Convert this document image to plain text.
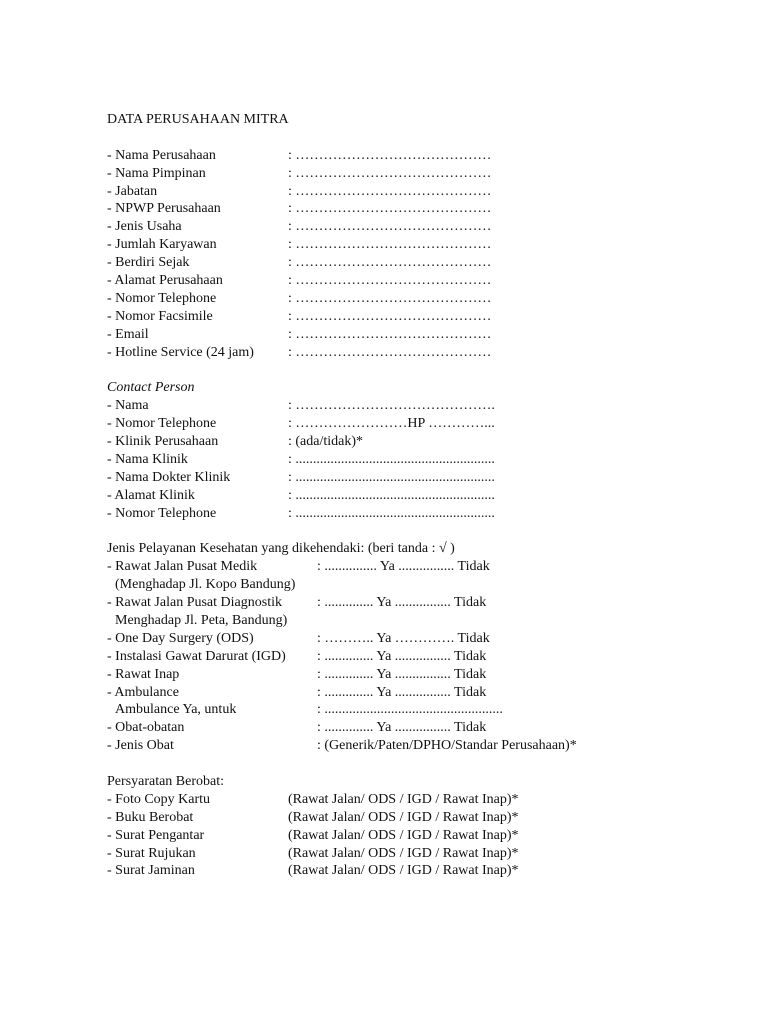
DATA PERUSAHAAN MITRA
- Nama Perusahaan	: ……………………………………
- Nama Pimpinan	: ……………………………………
- Jabatan	: ……………………………………
- NPWP Perusahaan	: ……………………………………
- Jenis Usaha	: ……………………………………
- Jumlah Karyawan	: ……………………………………
- Berdiri Sejak	: ……………………………………
- Alamat Perusahaan	: ……………………………………
- Nomor Telephone	: ……………………………………
- Nomor Facsimile	: ……………………………………
- Email	: ……………………………………
- Hotline Service (24 jam) : ……………………………………
Contact Person
- Nama	: …………………………………….
- Nomor Telephone	: ……………………HP …………...
- Klinik Perusahaan	: (ada/tidak)*
- Nama Klinik	: .........................................................
- Nama Dokter Klinik	: .........................................................
- Alamat Klinik	: .........................................................
- Nomor Telephone	: .........................................................
Jenis Pelayanan Kesehatan yang dikehendaki: (beri tanda : √ )
- Rawat Jalan Pusat Medik	: ............... Ya ................ Tidak
(Menghadap Jl. Kopo Bandung)
- Rawat Jalan Pusat Diagnostik	: .............. Ya ................ Tidak
Menghadap Jl. Peta, Bandung)
- One Day Surgery (ODS)	: ……….. Ya …………. Tidak
- Instalasi Gawat Darurat (IGD) : .............. Ya ................ Tidak
- Rawat Inap	: .............. Ya ................ Tidak
- Ambulance	: .............. Ya ................ Tidak
Ambulance Ya, untuk	: ...................................................
- Obat-obatan	: .............. Ya ................ Tidak
- Jenis Obat	: (Generik/Paten/DPHO/Standar Perusahaan)*
Persyaratan Berobat:
- Foto Copy Kartu	(Rawat Jalan/ ODS / IGD / Rawat Inap)*
- Buku Berobat	(Rawat Jalan/ ODS / IGD / Rawat Inap)*
- Surat Pengantar	(Rawat Jalan/ ODS / IGD / Rawat Inap)*
- Surat Rujukan	(Rawat Jalan/ ODS / IGD / Rawat Inap)*
- Surat Jaminan	(Rawat Jalan/ ODS / IGD / Rawat Inap)*
